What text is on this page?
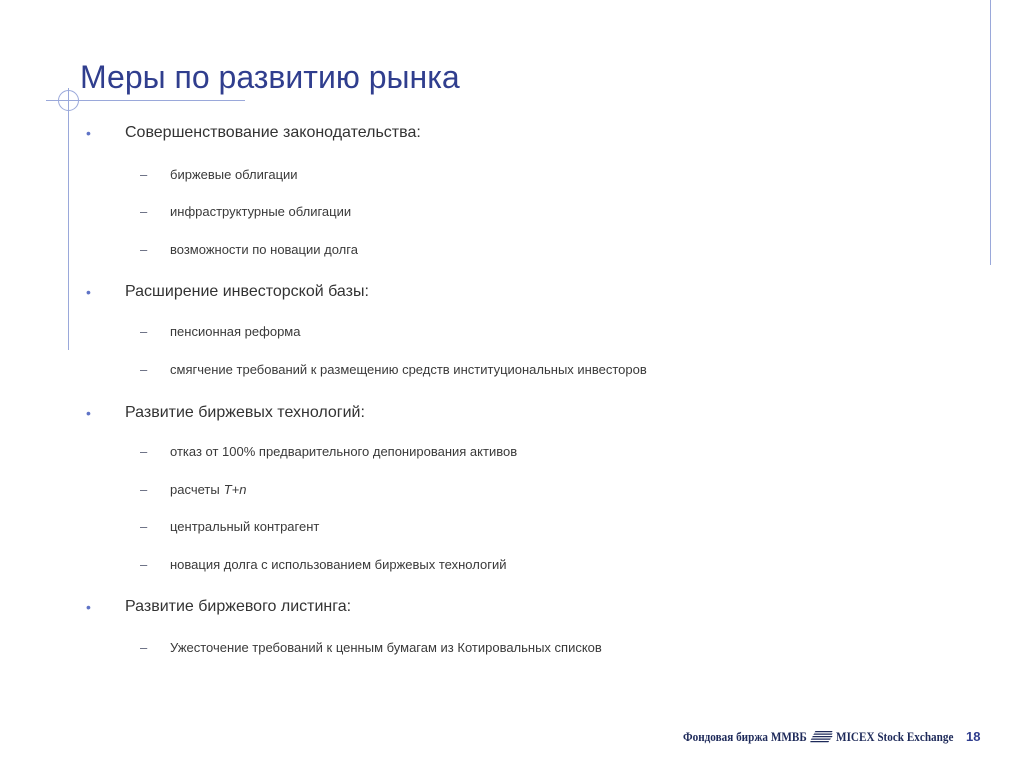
Меры по развитию рынка
• Совершенствование законодательства:
– биржевые облигации
– инфраструктурные облигации
– возможности по новации долга
• Расширение инвесторской базы:
– пенсионная реформа
– смягчение требований к размещению средств институциональных инвесторов
• Развитие биржевых технологий:
– отказ от 100% предварительного депонирования активов
– расчеты T+n
– центральный контрагент
– новация долга с использованием биржевых технологий
• Развитие биржевого листинга:
– Ужесточение требований к ценным бумагам из Котировальных списков
Фондовая биржа ММВБ MICEX Stock Exchange 18
